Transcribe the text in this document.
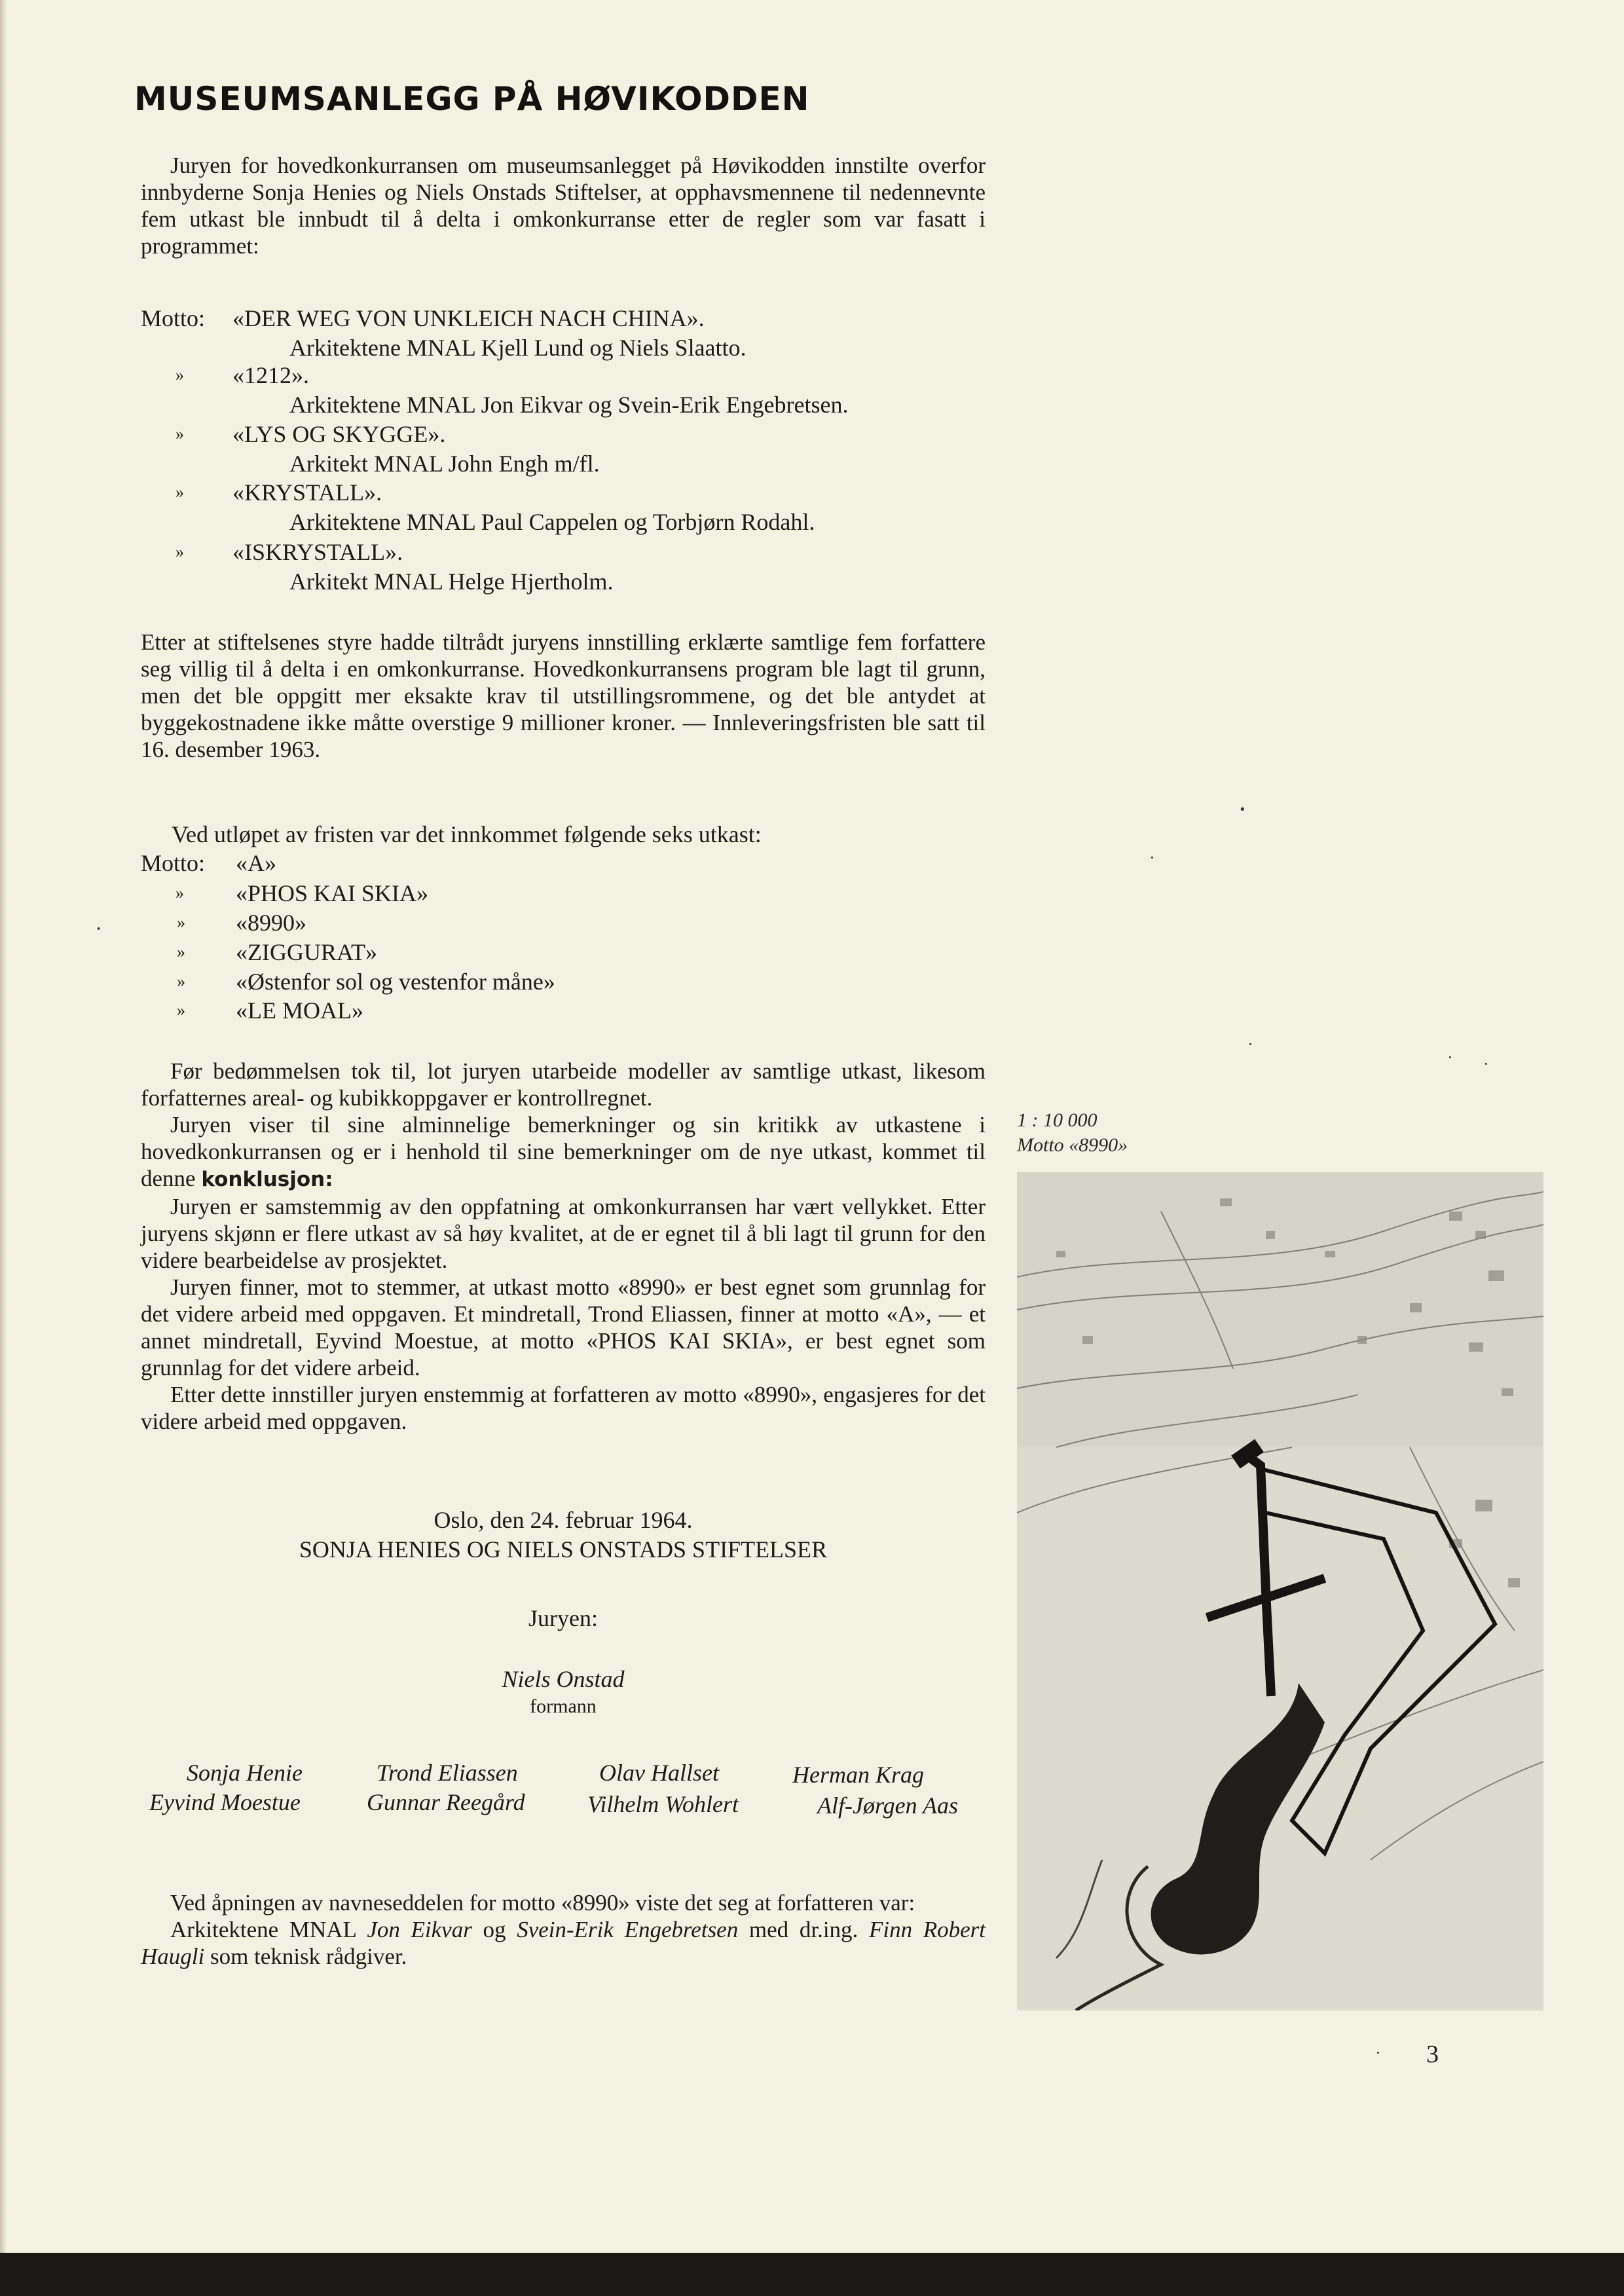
MUSEUMSANLEGG PÅ HØVIKODDEN

Juryen for hovedkonkurransen om museumsanlegget på Høvikodden innstilte overfor innbyderne Sonja Henies og Niels Onstads Stiftelser, at opphavsmennene til nedennevnte fem utkast ble innbudt til å delta i omkonkurranse etter de regler som var fasatt i programmet:

Motto: «DER WEG VON UNKLEICH NACH CHINA».
Arkitektene MNAL Kjell Lund og Niels Slaatto.
» «1212».
Arkitektene MNAL Jon Eikvar og Svein-Erik Engebretsen.
» «LYS OG SKYGGE».
Arkitekt MNAL John Engh m/fl.
» «KRYSTALL».
Arkitektene MNAL Paul Cappelen og Torbjørn Rodahl.
» «ISKRYSTALL».
Arkitekt MNAL Helge Hjertholm.

Etter at stiftelsenes styre hadde tiltrådt juryens innstilling erklærte samtlige fem forfattere seg villig til å delta i en omkonkurranse. Hovedkonkurransens program ble lagt til grunn, men det ble oppgitt mer eksakte krav til utstillingsrommene, og det ble antydet at byggekostnadene ikke måtte overstige 9 millioner kroner. — Innleveringsfristen ble satt til 16. desember 1963.

Ved utløpet av fristen var det innkommet følgende seks utkast:
Motto: «A»
» «PHOS KAI SKIA»
» «8990»
» «ZIGGURAT»
» «Østenfor sol og vestenfor måne»
» «LE MOAL»

Før bedømmelsen tok til, lot juryen utarbeide modeller av samtlige utkast, likesom forfatternes areal- og kubikkoppgaver er kontrollregnet.

Juryen viser til sine alminnelige bemerkninger og sin kritikk av utkastene i hovedkonkurransen og er i henhold til sine bemerkninger om de nye utkast, kommet til denne konklusjon:

Juryen er samstemmig av den oppfatning at omkonkurransen har vært vellykket. Etter juryens skjønn er flere utkast av så høy kvalitet, at de er egnet til å bli lagt til grunn for den videre bearbeidelse av prosjektet.

Juryen finner, mot to stemmer, at utkast motto «8990» er best egnet som grunnlag for det videre arbeid med oppgaven. Et mindretall, Trond Eliassen, finner at motto «A», — et annet mindretall, Eyvind Moestue, at motto «PHOS KAI SKIA», er best egnet som grunnlag for det videre arbeid.

Etter dette innstiller juryen enstemmig at forfatteren av motto «8990», engasjeres for det videre arbeid med oppgaven.

Oslo, den 24. februar 1964.
SONJA HENIES OG NIELS ONSTADS STIFTELSER
Juryen:
Niels Onstad
formann
Sonja Henie	Trond Eliassen	Olav Hallset	Herman Krag
Eyvind Moestue	Gunnar Reegård	Vilhelm Wohlert	Alf-Jørgen Aas

Ved åpningen av navneseddelen for motto «8990» viste det seg at forfatteren var:

Arkitektene MNAL Jon Eikvar og Svein-Erik Engebretsen med dr.ing. Finn Robert Haugli som teknisk rådgiver.

1 : 10 000
Motto «8990»
3
·
·
·
· ·
·
·
